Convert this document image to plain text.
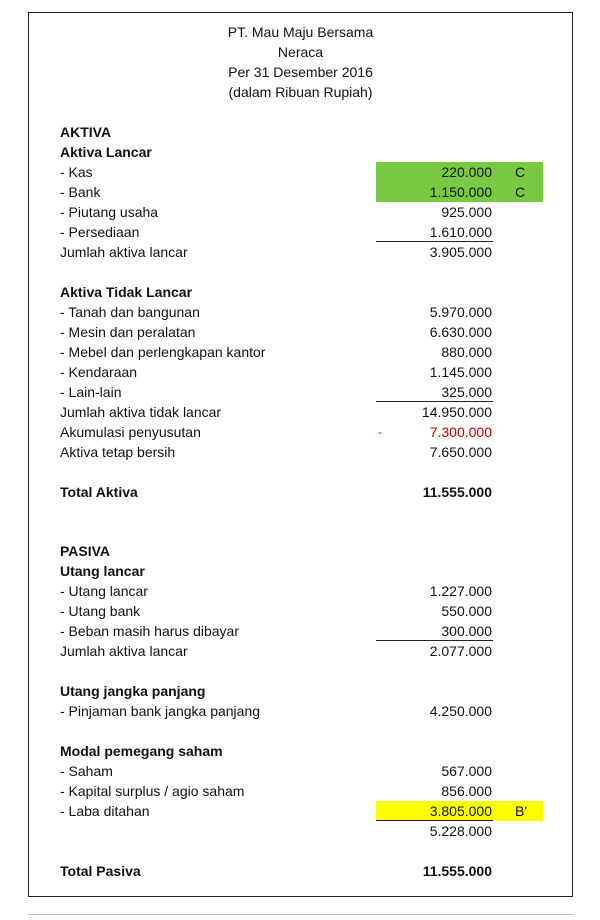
PT. Mau Maju Bersama
Neraca
Per 31 Desember 2016
(dalam Ribuan Rupiah)
AKTIVA
Aktiva Lancar
- Kas	220.000 C
- Bank	1.150.000 C
- Piutang usaha	925.000
- Persediaan	1.610.000
Jumlah aktiva lancar	3.905.000
Aktiva Tidak Lancar
- Tanah dan bangunan	5.970.000
- Mesin dan peralatan	6.630.000
- Mebel dan perlengkapan kantor	880.000
- Kendaraan	1.145.000
- Lain-lain	325.000
Jumlah aktiva tidak lancar	14.950.000
Akumulasi penyusutan	-	7.300.000
Aktiva tetap bersih	7.650.000
Total Aktiva	11.555.000
PASIVA
Utang lancar
- Utang lancar	1.227.000
- Utang bank	550.000
- Beban masih harus dibayar	300.000
Jumlah aktiva lancar	2.077.000
Utang jangka panjang
- Pinjaman bank jangka panjang	4.250.000
Modal pemegang saham
- Saham	567.000
- Kapital surplus / agio saham	856.000
- Laba ditahan	3.805.000 B'
5.228.000
Total Pasiva	11.555.000
